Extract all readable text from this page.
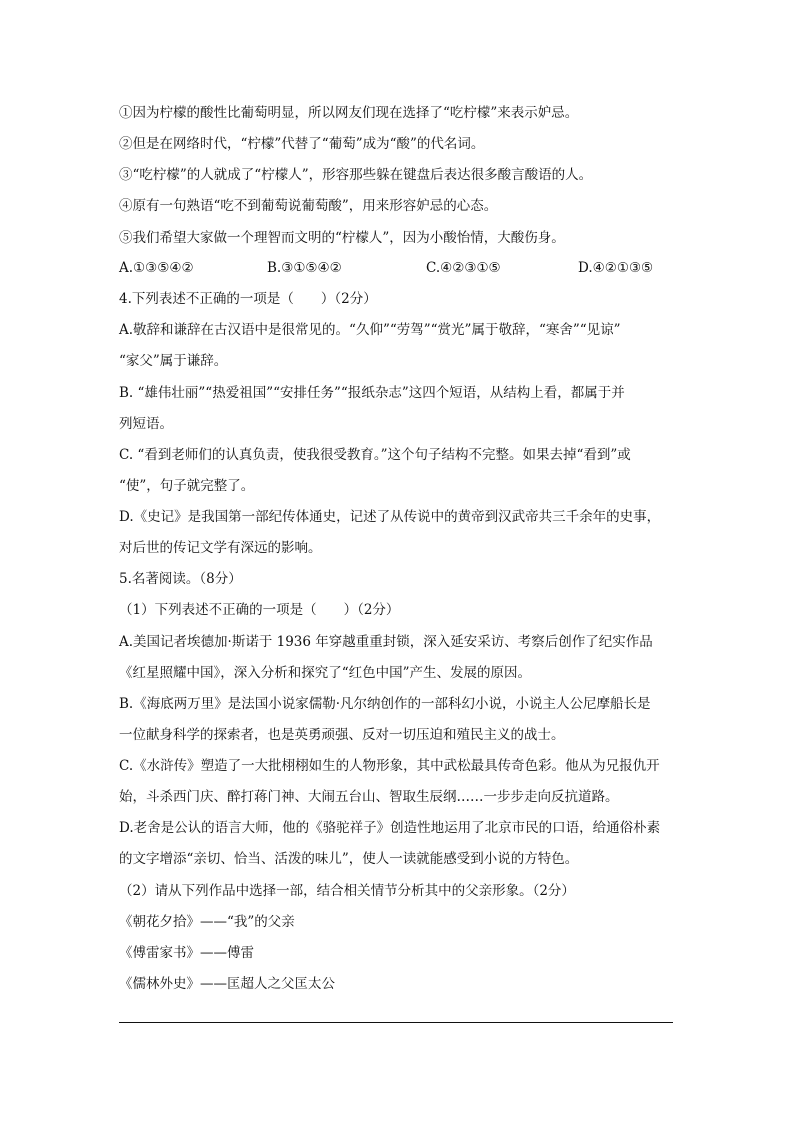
①因为柠檬的酸性比葡萄明显，所以网友们现在选择了“吃柠檬”来表示妒忌。
②但是在网络时代，“柠檬”代替了“葡萄”成为“酸”的代名词。
③“吃柠檬”的人就成了“柠檬人”，形容那些躲在键盘后表达很多酸言酸语的人。
④原有一句熟语“吃不到葡萄说葡萄酸”，用来形容妒忌的心态。
⑤我们希望大家做一个理智而文明的“柠檬人”，因为小酸怡情，大酸伤身。
A.①③⑤④②	B.③①⑤④②	C.④②③①⑤	D.④②①③⑤
4.下列表述不正确的一项是（　　）（2分）
A.敬辞和谦辞在古汉语中是很常见的。“久仰”“劳驾”“赏光”属于敬辞，“寒舍”“见谅”
“家父”属于谦辞。
B. “雄伟壮丽”“热爱祖国”“安排任务”“报纸杂志”这四个短语，从结构上看，都属于并
列短语。
C. “看到老师们的认真负责，使我很受教育。”这个句子结构不完整。如果去掉“看到”或
“使”，句子就完整了。
D.《史记》是我国第一部纪传体通史，记述了从传说中的黄帝到汉武帝共三千余年的史事，
对后世的传记文学有深远的影响。
5.名著阅读。（8分）
（1）下列表述不正确的一项是（　　）（2分）
A.美国记者埃德加·斯诺于 1936 年穿越重重封锁，深入延安采访、考察后创作了纪实作品
《红星照耀中国》，深入分析和探究了“红色中国”产生、发展的原因。
B.《海底两万里》是法国小说家儒勒·凡尔纳创作的一部科幻小说，小说主人公尼摩船长是
一位献身科学的探索者，也是英勇顽强、反对一切压迫和殖民主义的战士。
C.《水浒传》塑造了一大批栩栩如生的人物形象，其中武松最具传奇色彩。他从为兄报仇开
始，斗杀西门庆、醉打蒋门神、大闹五台山、智取生辰纲……一步步走向反抗道路。
D.老舍是公认的语言大师，他的《骆驼祥子》创造性地运用了北京市民的口语，给通俗朴素
的文字增添“亲切、恰当、活泼的味儿”，使人一读就能感受到小说的方特色。
（2）请从下列作品中选择一部，结合相关情节分析其中的父亲形象。（2分）
《朝花夕拾》——“我”的父亲
《傅雷家书》——傅雷
《儒林外史》——匡超人之父匡太公
